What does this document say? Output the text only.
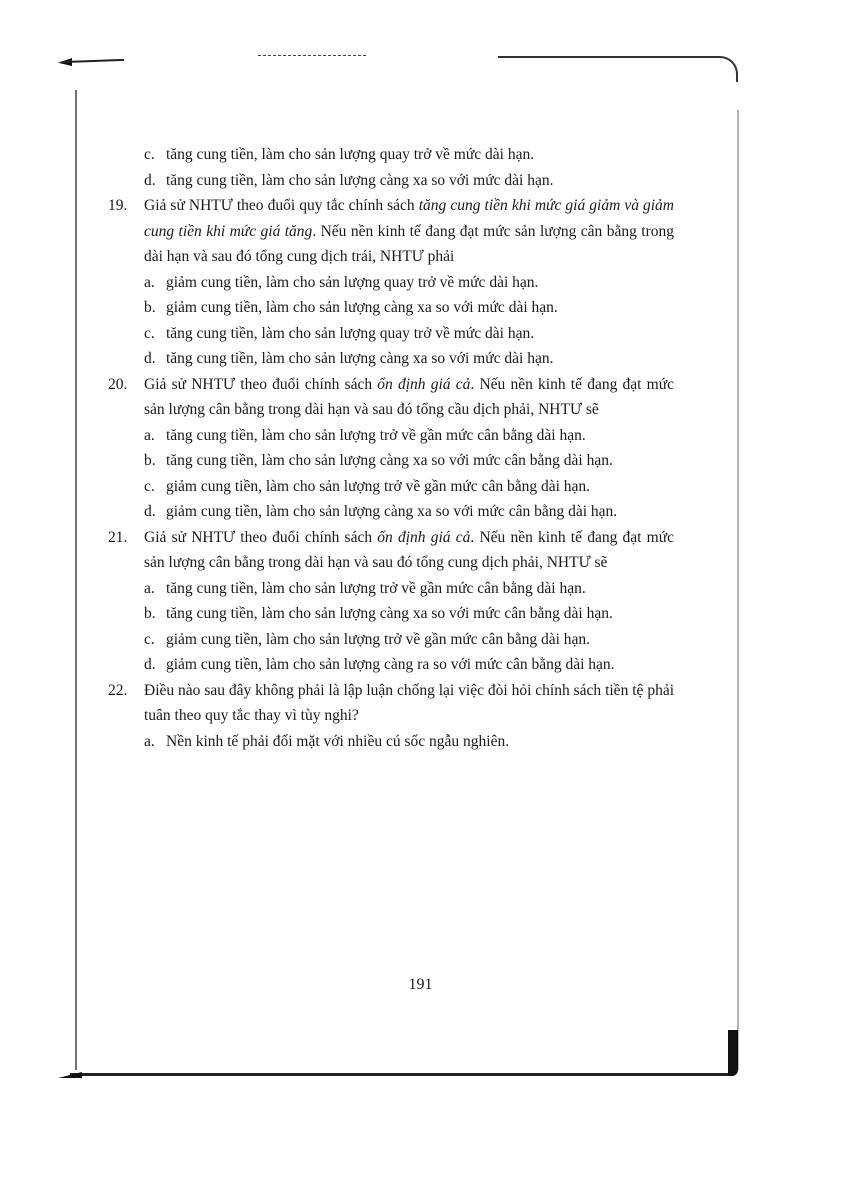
c. tăng cung tiền, làm cho sản lượng quay trở về mức dài hạn.
d. tăng cung tiền, làm cho sản lượng càng xa so với mức dài hạn.
19. Giả sử NHTƯ theo đuổi quy tắc chính sách tăng cung tiền khi mức giá giảm và giảm cung tiền khi mức giá tăng. Nếu nền kinh tế đang đạt mức sản lượng cân bằng trong dài hạn và sau đó tổng cung dịch trái, NHTƯ phải
a. giảm cung tiền, làm cho sản lượng quay trở về mức dài hạn.
b. giảm cung tiền, làm cho sản lượng càng xa so với mức dài hạn.
c. tăng cung tiền, làm cho sản lượng quay trở về mức dài hạn.
d. tăng cung tiền, làm cho sản lượng càng xa so với mức dài hạn.
20. Giả sử NHTƯ theo đuổi chính sách ổn định giá cả. Nếu nền kinh tế đang đạt mức sản lượng cân bằng trong dài hạn và sau đó tổng cầu dịch phải, NHTƯ sẽ
a. tăng cung tiền, làm cho sản lượng trở về gần mức cân bằng dài hạn.
b. tăng cung tiền, làm cho sản lượng càng xa so với mức cân bằng dài hạn.
c. giảm cung tiền, làm cho sản lượng trở về gần mức cân bằng dài hạn.
d. giảm cung tiền, làm cho sản lượng càng xa so với mức cân bằng dài hạn.
21. Giả sử NHTƯ theo đuổi chính sách ổn định giá cả. Nếu nền kinh tế đang đạt mức sản lượng cân bằng trong dài hạn và sau đó tổng cung dịch phải, NHTƯ sẽ
a. tăng cung tiền, làm cho sản lượng trở về gần mức cân bằng dài hạn.
b. tăng cung tiền, làm cho sản lượng càng xa so với mức cân bằng dài hạn.
c. giảm cung tiền, làm cho sản lượng trở về gần mức cân bằng dài hạn.
d. giảm cung tiền, làm cho sản lượng càng ra so với mức cân bằng dài hạn.
22. Điều nào sau đây không phải là lập luận chống lại việc đòi hỏi chính sách tiền tệ phải tuân theo quy tắc thay vì tùy nghi?
a. Nền kinh tế phải đối mặt với nhiều cú sốc ngẫu nghiên.
191
